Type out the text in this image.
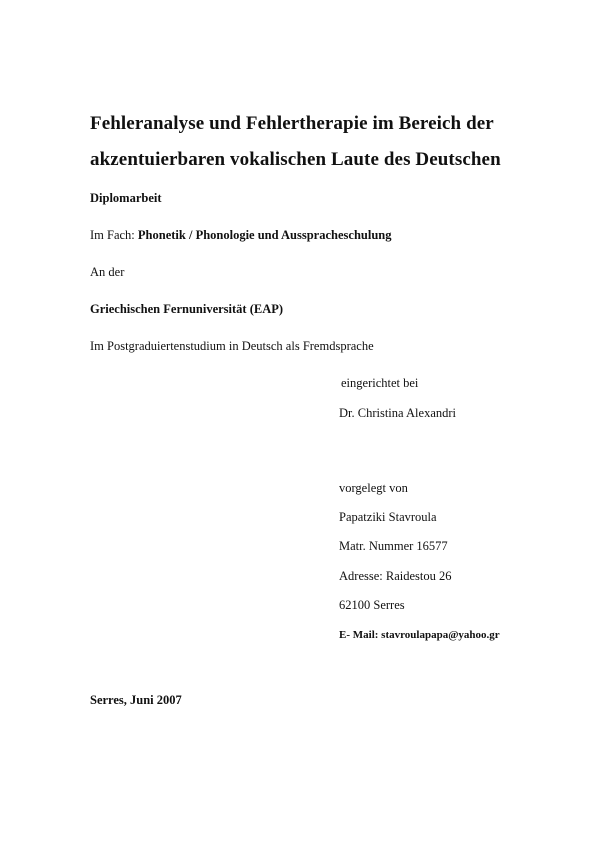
Fehleranalyse und Fehlertherapie im Bereich der
akzentuierbaren vokalischen Laute des Deutschen
Diplomarbeit
Im Fach: Phonetik / Phonologie und Ausspracheschulung
An der
Griechischen Fernuniversität (EAP)
Im Postgraduiertenstudium in Deutsch als Fremdsprache
eingerichtet bei
Dr. Christina Alexandri
vorgelegt von
Papatziki Stavroula
Matr. Nummer 16577
Adresse: Raidestou 26
62100 Serres
E- Mail: stavroulapapa@yahoo.gr
Serres, Juni 2007
